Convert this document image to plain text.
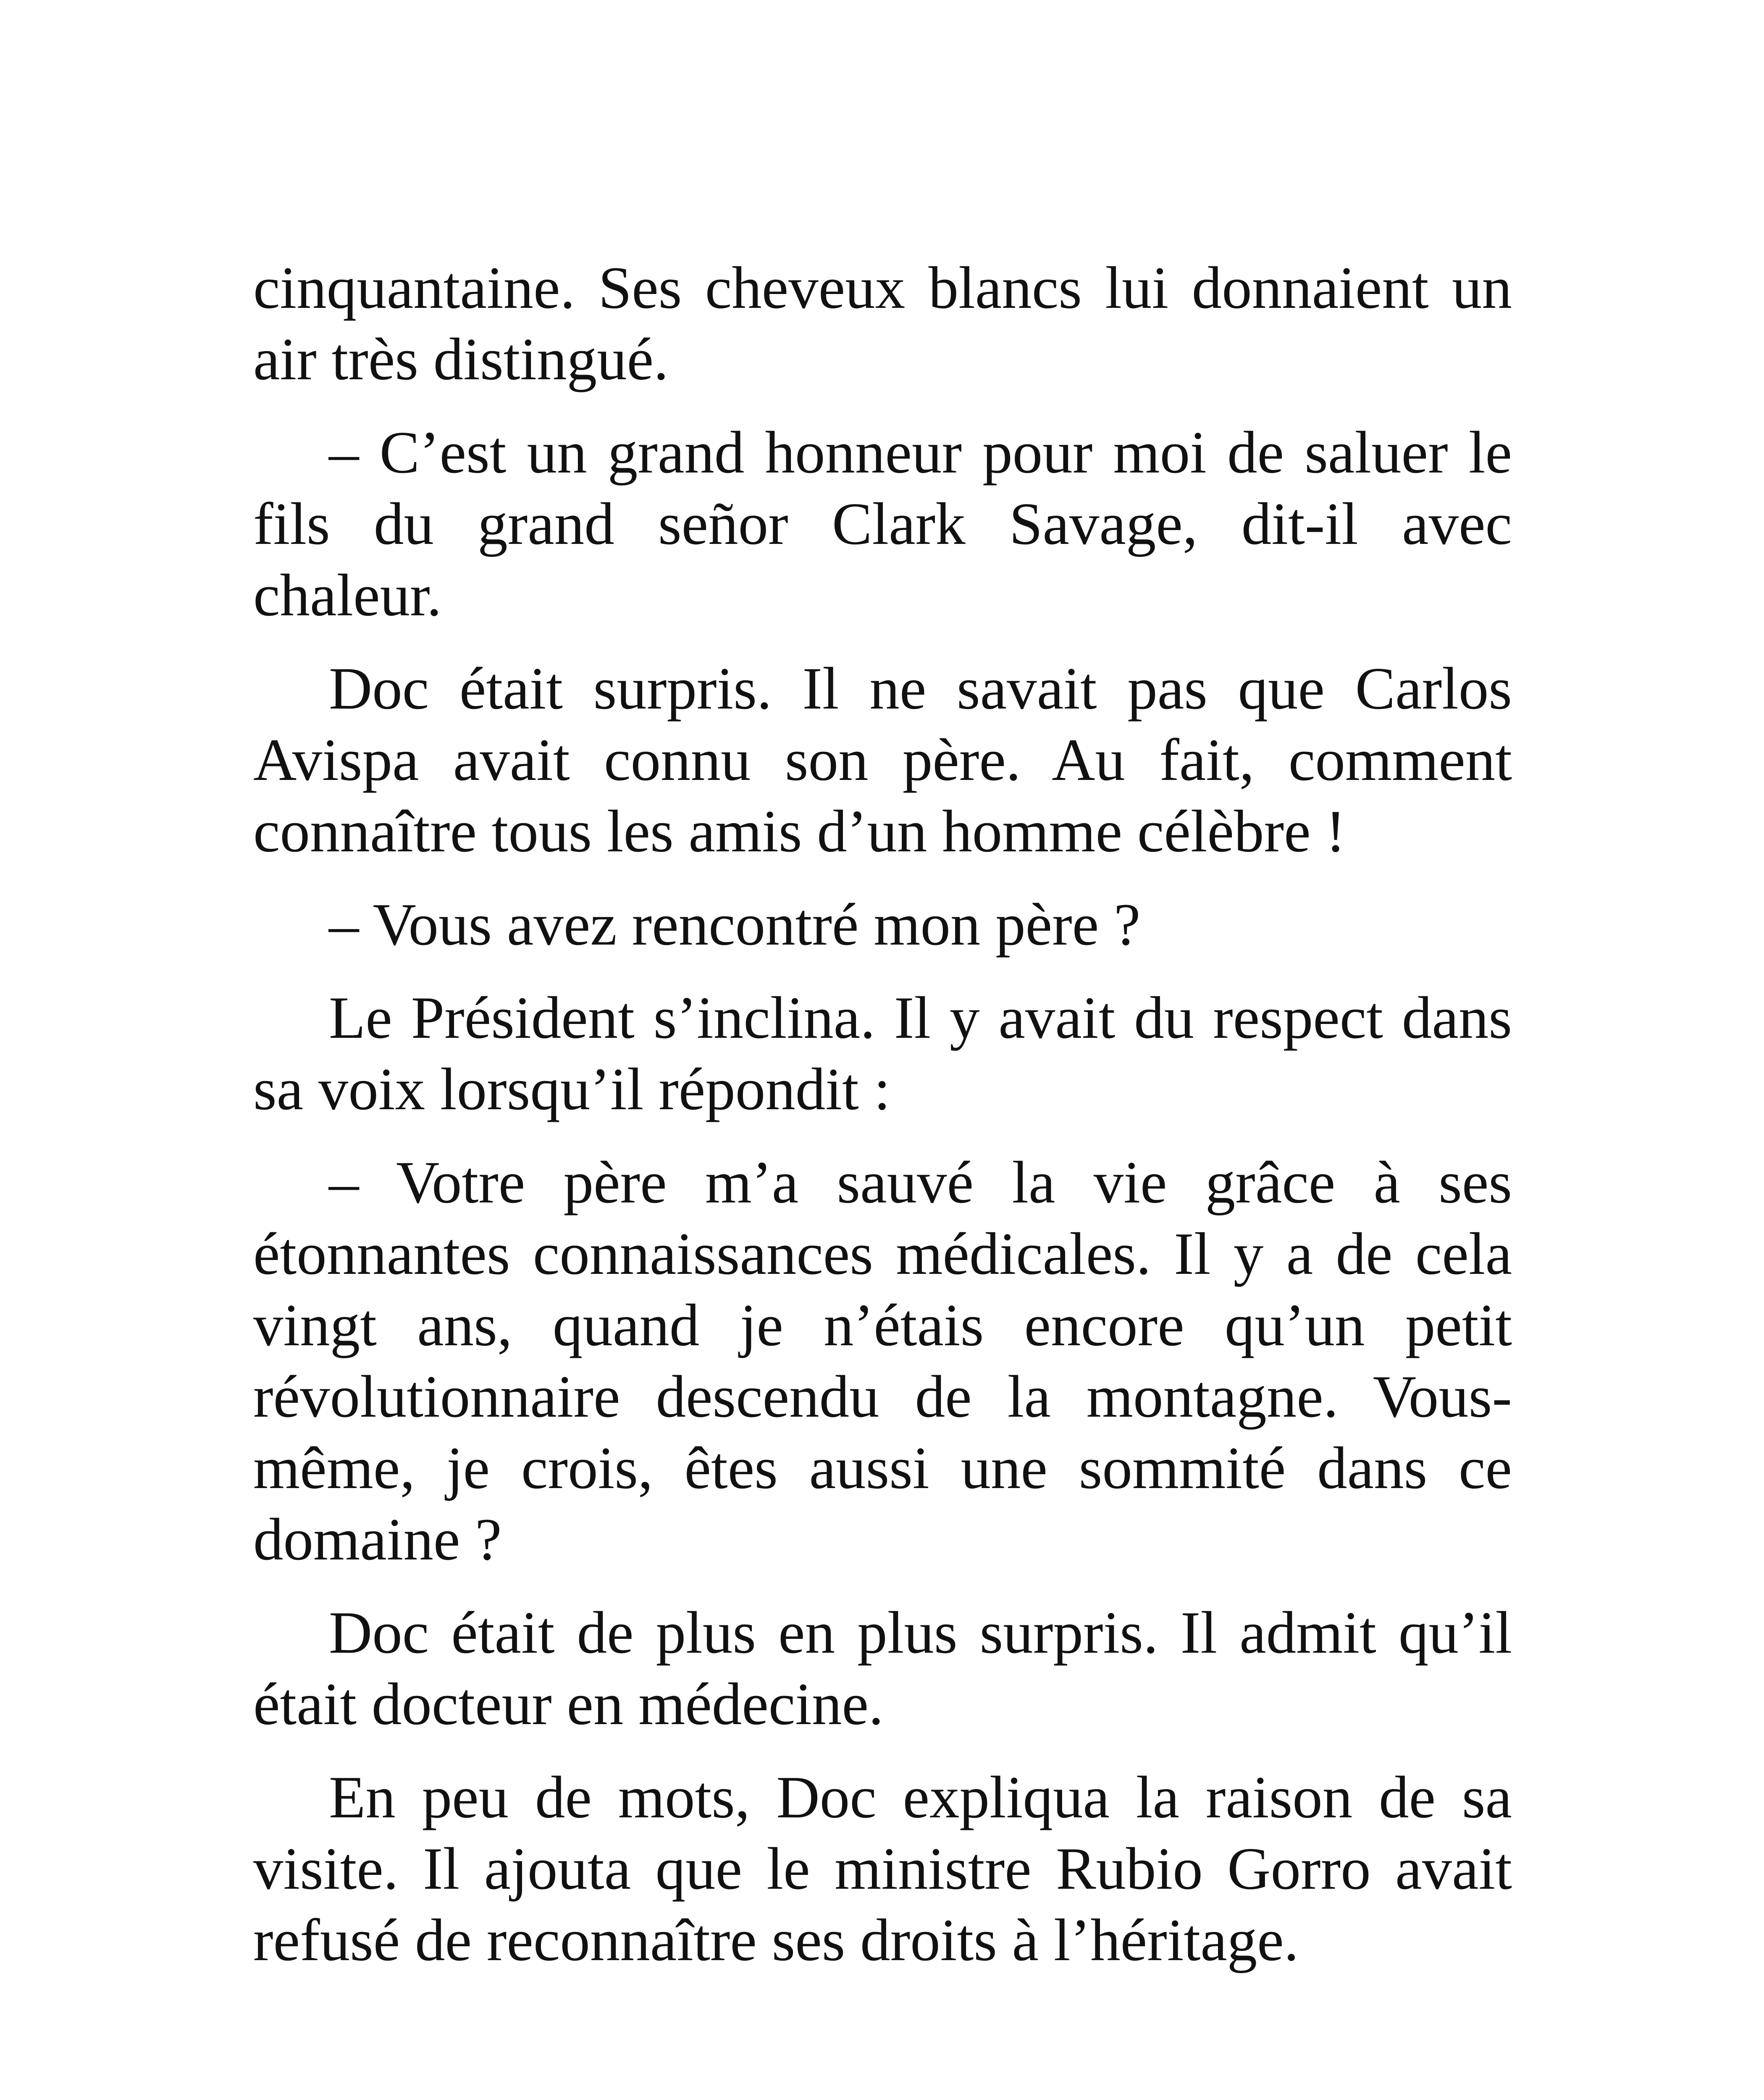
cinquantaine. Ses cheveux blancs lui donnaient un air très distingué.

– C’est un grand honneur pour moi de saluer le fils du grand señor Clark Savage, dit-il avec chaleur.

Doc était surpris. Il ne savait pas que Carlos Avispa avait connu son père. Au fait, comment connaître tous les amis d’un homme célèbre !

– Vous avez rencontré mon père ?

Le Président s’inclina. Il y avait du respect dans sa voix lorsqu’il répondit :

– Votre père m’a sauvé la vie grâce à ses étonnantes connaissances médicales. Il y a de cela vingt ans, quand je n’étais encore qu’un petit révolutionnaire descendu de la montagne. Vous-même, je crois, êtes aussi une sommité dans ce domaine ?

Doc était de plus en plus surpris. Il admit qu’il était docteur en médecine.

En peu de mots, Doc expliqua la raison de sa visite. Il ajouta que le ministre Rubio Gorro avait refusé de reconnaître ses droits à l’héritage.
